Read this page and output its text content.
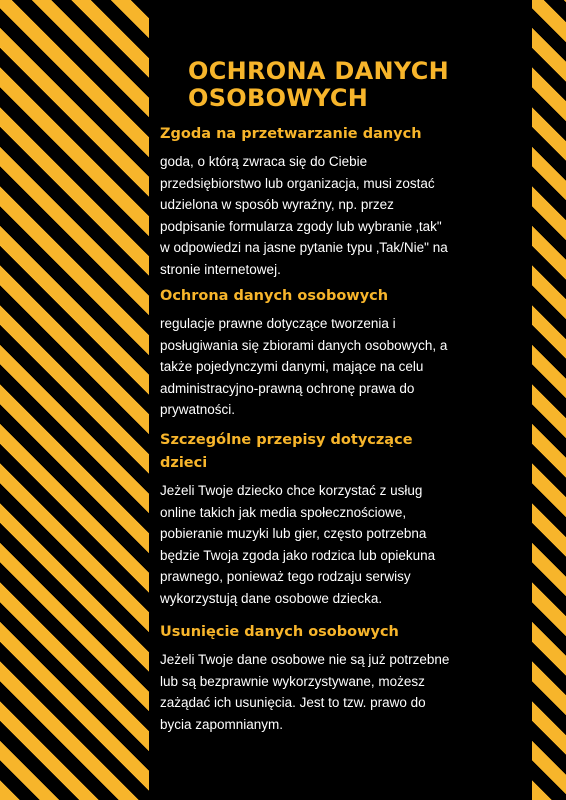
OCHRONA DANYCH
OSOBOWYCH
Zgoda na przetwarzanie danych

goda, o którą zwraca się do Ciebie
przedsiębiorstwo lub organizacja, musi zostać
udzielona w sposób wyraźny, np. przez
podpisanie formularza zgody lub wybranie ‚tak"
w odpowiedzi na jasne pytanie typu ‚Tak/Nie" na
stronie internetowej.

Ochrona danych osobowych

regulacje prawne dotyczące tworzenia i
posługiwania się zbiorami danych osobowych, a
także pojedynczymi danymi, mające na celu
administracyjno-prawną ochronę prawa do
prywatności.

Szczególne przepisy dotyczące
dzieci

Jeżeli Twoje dziecko chce korzystać z usług
online takich jak media społecznościowe,
pobieranie muzyki lub gier, często potrzebna
będzie Twoja zgoda jako rodzica lub opiekuna
prawnego, ponieważ tego rodzaju serwisy
wykorzystują dane osobowe dziecka.

Usunięcie danych osobowych

Jeżeli Twoje dane osobowe nie są już potrzebne
lub są bezprawnie wykorzystywane, możesz
zażądać ich usunięcia. Jest to tzw. prawo do
bycia zapomnianym.
